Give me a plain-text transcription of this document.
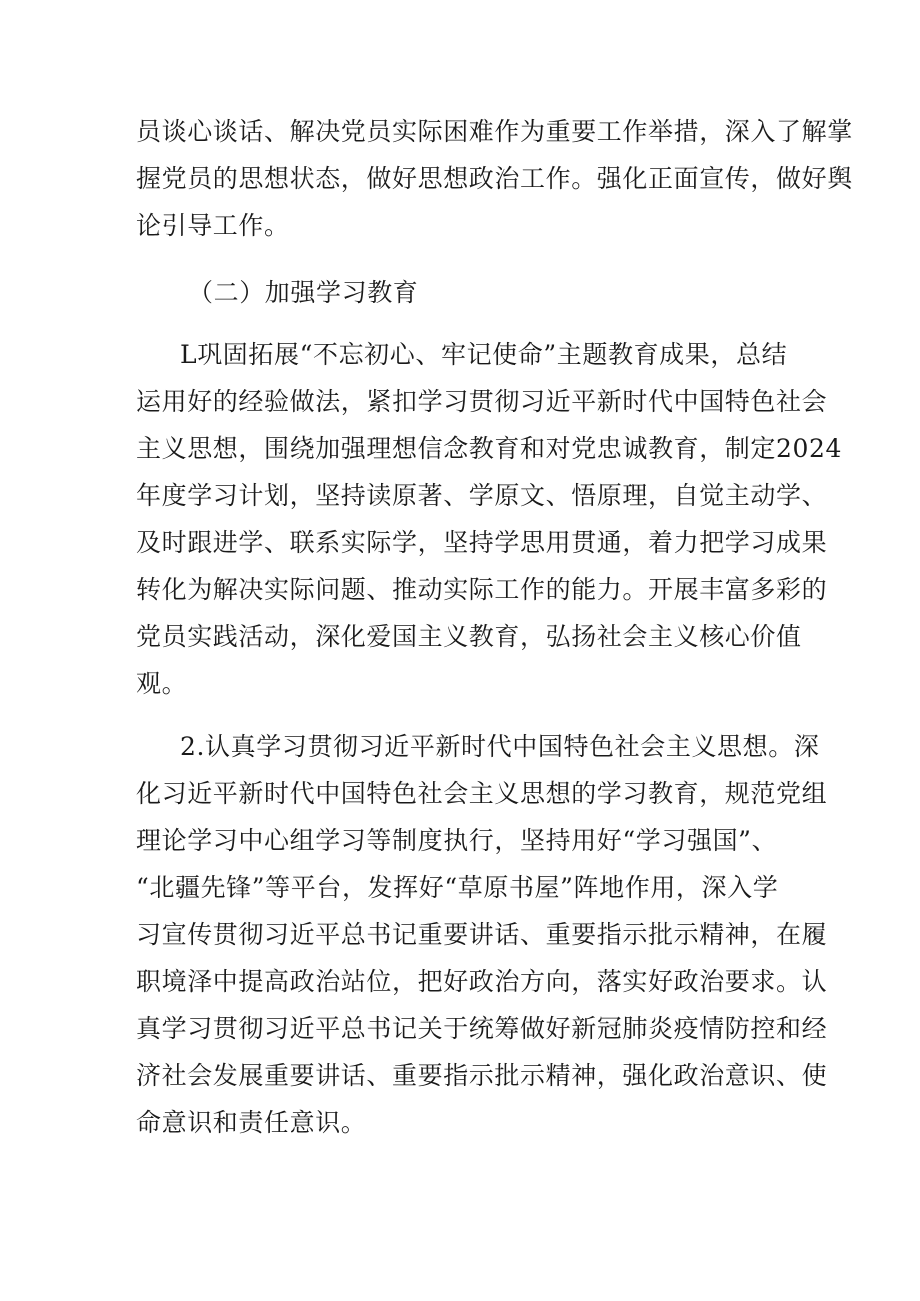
员谈心谈话、解决党员实际困难作为重要工作举措，深入了解掌
握党员的思想状态，做好思想政治工作。强化正面宣传，做好舆
论引导工作。
（二）加强学习教育
L巩固拓展“不忘初心、牢记使命”主题教育成果，总结
运用好的经验做法，紧扣学习贯彻习近平新时代中国特色社会
主义思想，围绕加强理想信念教育和对党忠诚教育，制定2024
年度学习计划，坚持读原著、学原文、悟原理，自觉主动学、
及时跟进学、联系实际学，坚持学思用贯通，着力把学习成果
转化为解决实际问题、推动实际工作的能力。开展丰富多彩的
党员实践活动，深化爱国主义教育，弘扬社会主义核心价值
观。
2.认真学习贯彻习近平新时代中国特色社会主义思想。深
化习近平新时代中国特色社会主义思想的学习教育，规范党组
理论学习中心组学习等制度执行，坚持用好“学习强国”、
“北疆先锋”等平台，发挥好“草原书屋”阵地作用，深入学
习宣传贯彻习近平总书记重要讲话、重要指示批示精神，在履
职境泽中提高政治站位，把好政治方向，落实好政治要求。认
真学习贯彻习近平总书记关于统筹做好新冠肺炎疫情防控和经
济社会发展重要讲话、重要指示批示精神，强化政治意识、使
命意识和责任意识。
